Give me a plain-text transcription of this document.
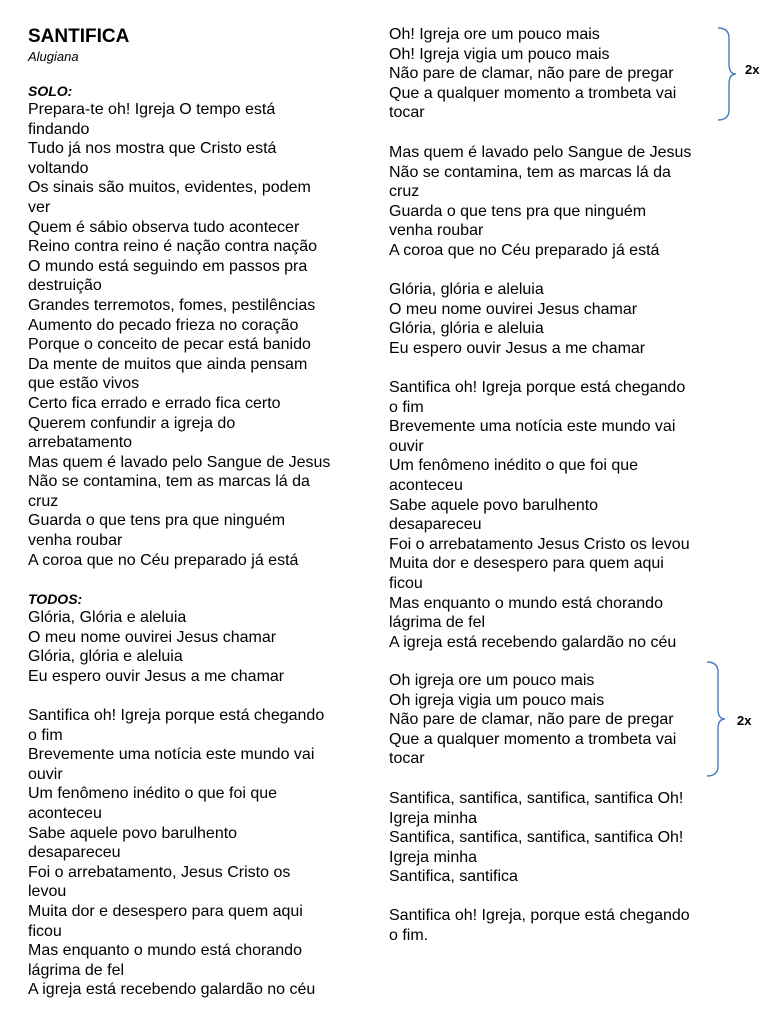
SANTIFICA
Alugiana
SOLO:
Prepara-te oh! Igreja O tempo está
findando
Tudo já nos mostra que Cristo está
voltando
Os sinais são muitos, evidentes, podem
ver
Quem é sábio observa tudo acontecer
Reino contra reino é nação contra nação
O mundo está seguindo em passos pra
destruição
Grandes terremotos, fomes, pestilências
Aumento do pecado frieza no coração
Porque o conceito de pecar está banido
Da mente de muitos que ainda pensam
que estão vivos
Certo fica errado e errado fica certo
Querem confundir a igreja do
arrebatamento
Mas quem é lavado pelo Sangue de Jesus
Não se contamina, tem as marcas lá da
cruz
Guarda o que tens pra que ninguém
venha roubar
A coroa que no Céu preparado já está
TODOS:
Glória, Glória e aleluia
O meu nome ouvirei Jesus chamar
Glória, glória e aleluia
Eu espero ouvir Jesus a me chamar
Santifica oh! Igreja porque está chegando
o fim
Brevemente uma notícia este mundo vai
ouvir
Um fenômeno inédito o que foi que
aconteceu
Sabe aquele povo barulhento
desapareceu
Foi o arrebatamento, Jesus Cristo os
levou
Muita dor e desespero para quem aqui
ficou
Mas enquanto o mundo está chorando
lágrima de fel
A igreja está recebendo galardão no céu
Oh! Igreja ore um pouco mais
Oh! Igreja vigia um pouco mais
Não pare de clamar, não pare de pregar
Que a qualquer momento a trombeta vai
tocar
Mas quem é lavado pelo Sangue de Jesus
Não se contamina, tem as marcas lá da
cruz
Guarda o que tens pra que ninguém
venha roubar
A coroa que no Céu preparado já está
Glória, glória e aleluia
O meu nome ouvirei Jesus chamar
Glória, glória e aleluia
Eu espero ouvir Jesus a me chamar
Santifica oh! Igreja porque está chegando
o fim
Brevemente uma notícia este mundo vai
ouvir
Um fenômeno inédito o que foi que
aconteceu
Sabe aquele povo barulhento
desapareceu
Foi o arrebatamento Jesus Cristo os levou
Muita dor e desespero para quem aqui
ficou
Mas enquanto o mundo está chorando
lágrima de fel
A igreja está recebendo galardão no céu
Oh igreja ore um pouco mais
Oh igreja vigia um pouco mais
Não pare de clamar, não pare de pregar
Que a qualquer momento a trombeta vai
tocar
Santifica, santifica, santifica, santifica Oh!
Igreja minha
Santifica, santifica, santifica, santifica Oh!
Igreja minha
Santifica, santifica
Santifica oh! Igreja, porque está chegando
o fim.
2x
2x
